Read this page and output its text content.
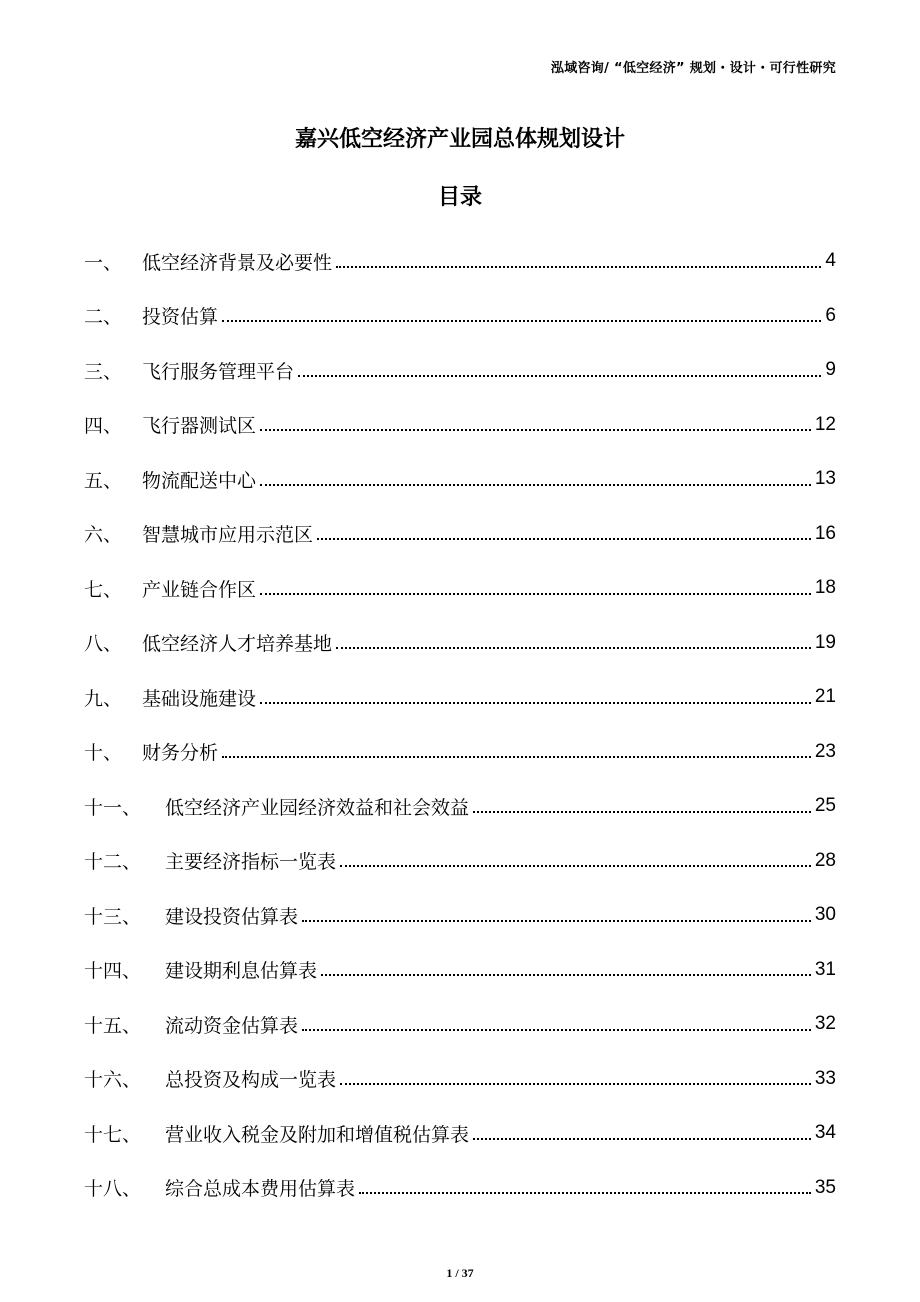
泓域咨询/ “低空经济” 规划・设计・可行性研究
嘉兴低空经济产业园总体规划设计
目录
一、	低空经济背景及必要性	4
二、	投资估算	6
三、	飞行服务管理平台	9
四、	飞行器测试区	12
五、	物流配送中心	13
六、	智慧城市应用示范区	16
七、	产业链合作区	18
八、	低空经济人才培养基地	19
九、	基础设施建设	21
十、	财务分析	23
十一、	低空经济产业园经济效益和社会效益	25
十二、	主要经济指标一览表	28
十三、	建设投资估算表	30
十四、	建设期利息估算表	31
十五、	流动资金估算表	32
十六、	总投资及构成一览表	33
十七、	营业收入税金及附加和增值税估算表	34
十八、	综合总成本费用估算表	35
1 / 37
